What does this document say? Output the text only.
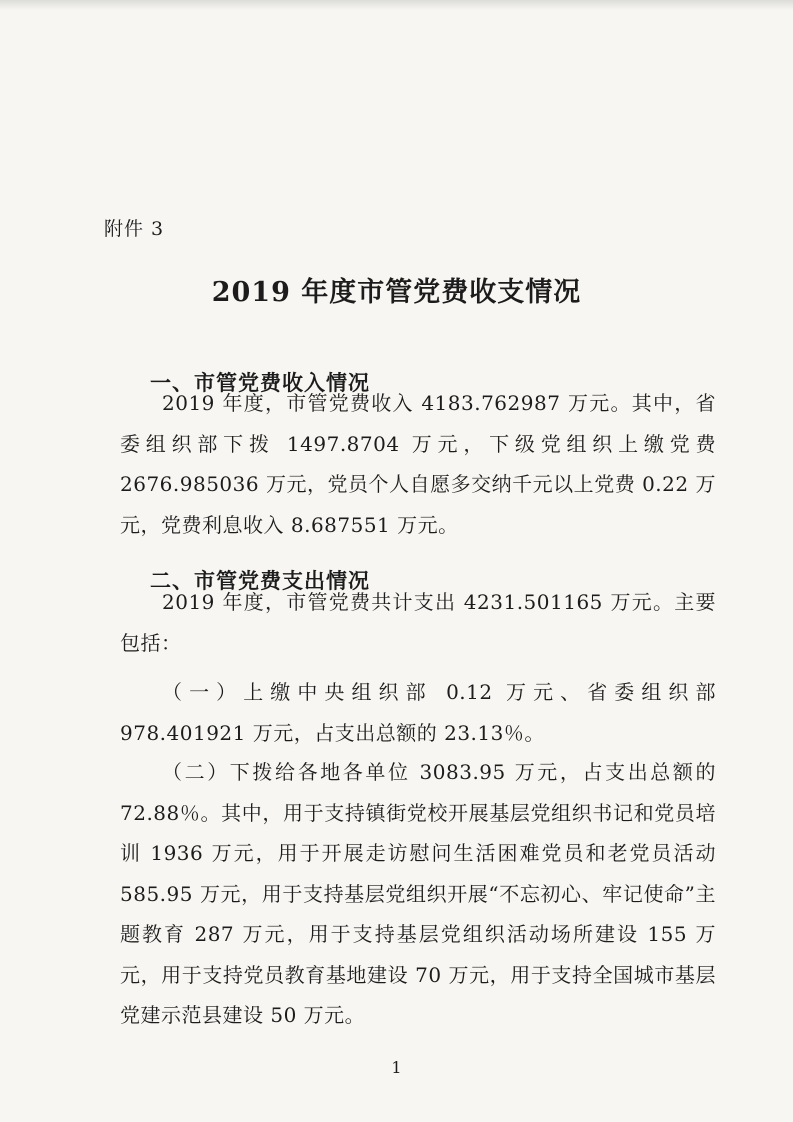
附件 3
2019 年度市管党费收支情况
一、市管党费收入情况
2019 年度，市管党费收入 4183.762987 万元。其中，省委组织部下拨 1497.8704 万元，下级党组织上缴党费 2676.985036 万元，党员个人自愿多交纳千元以上党费 0.22 万元，党费利息收入 8.687551 万元。
二、市管党费支出情况
2019 年度，市管党费共计支出 4231.501165 万元。主要包括：
（一）上缴中央组织部 0.12 万元、省委组织部 978.401921 万元，占支出总额的 23.13％。
（二）下拨给各地各单位 3083.95 万元，占支出总额的 72.88％。其中，用于支持镇街党校开展基层党组织书记和党员培训 1936 万元，用于开展走访慰问生活困难党员和老党员活动 585.95 万元，用于支持基层党组织开展“不忘初心、牢记使命”主题教育 287 万元，用于支持基层党组织活动场所建设 155 万元，用于支持党员教育基地建设 70 万元，用于支持全国城市基层党建示范县建设 50 万元。
1
